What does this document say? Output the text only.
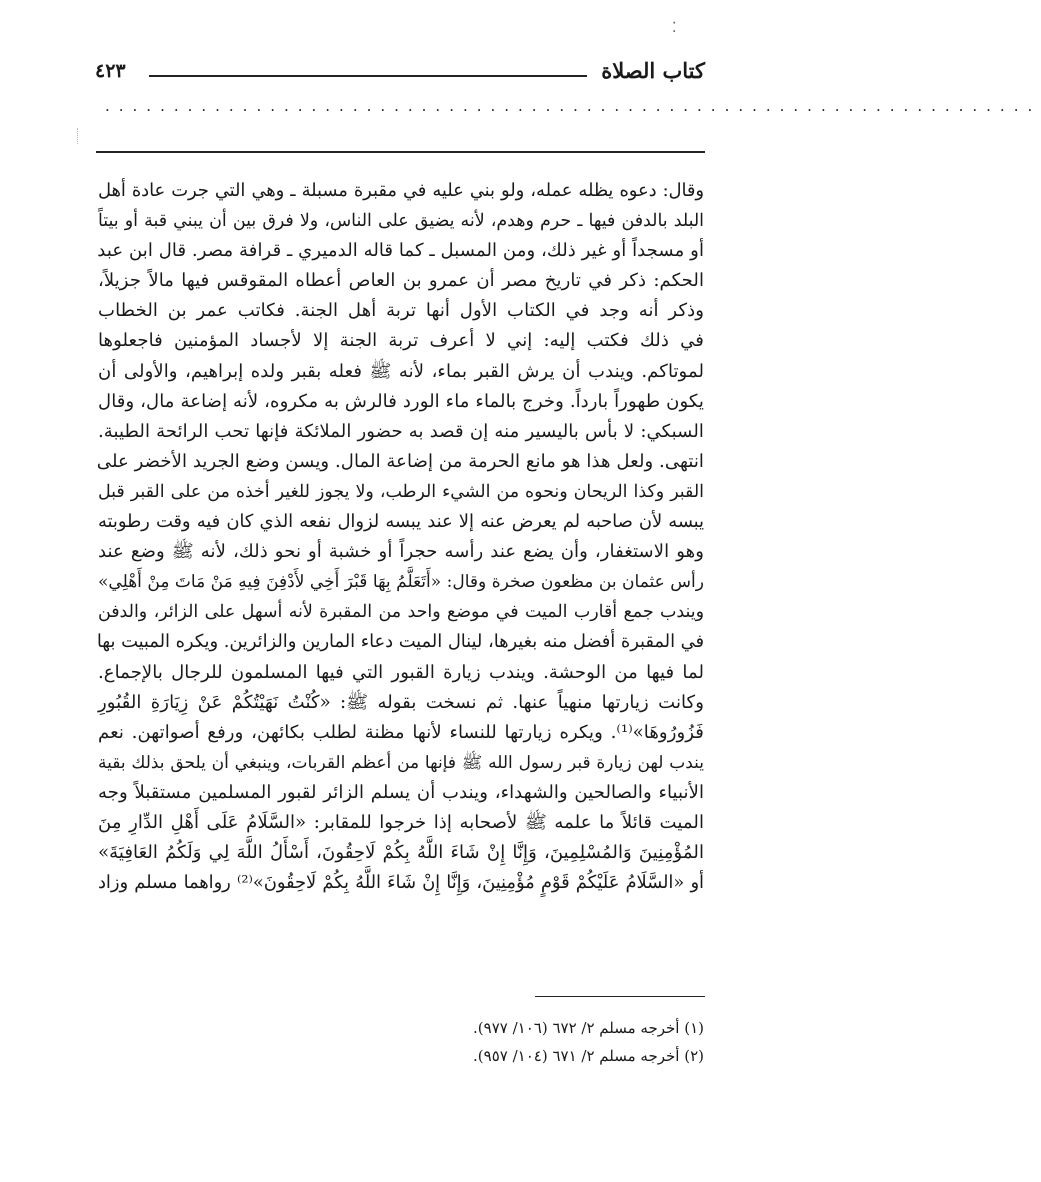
⁚
كتاب الصلاة
٤٢٣
....................................................................
وقال: دعوه يظله عمله، ولو بني عليه في مقبرة مسبلة ـ وهي التي جرت عادة أهل
البلد بالدفن فيها ـ حرم وهدم، لأنه يضيق على الناس، ولا فرق بين أن يبني قبة أو بيتاً
أو مسجداً أو غير ذلك، ومن المسبل ـ كما قاله الدميري ـ قرافة مصر. قال ابن عبد
الحكم: ذكر في تاريخ مصر أن عمرو بن العاص أعطاه المقوقس فيها مالاً جزيلاً،
وذكر أنه وجد في الكتاب الأول أنها تربة أهل الجنة. فكاتب عمر بن الخطاب
في ذلك فكتب إليه: إني لا أعرف تربة الجنة إلا لأجساد المؤمنين فاجعلوها
لموتاكم. ويندب أن يرش القبر بماء، لأنه ﷺ فعله بقبر ولده إبراهيم، والأولى أن
يكون طهوراً بارداً. وخرج بالماء ماء الورد فالرش به مكروه، لأنه إضاعة مال، وقال
السبكي: لا بأس باليسير منه إن قصد به حضور الملائكة فإنها تحب الرائحة الطيبة.
انتهى. ولعل هذا هو مانع الحرمة من إضاعة المال. ويسن وضع الجريد الأخضر على
القبر وكذا الريحان ونحوه من الشيء الرطب، ولا يجوز للغير أخذه من على القبر قبل
يبسه لأن صاحبه لم يعرض عنه إلا عند يبسه لزوال نفعه الذي كان فيه وقت رطوبته
وهو الاستغفار، وأن يضع عند رأسه حجراً أو خشبة أو نحو ذلك، لأنه ﷺ وضع عند
رأس عثمان بن مظعون صخرة وقال: «أَتَعَلَّمُ بِهَا قَبْرَ أَخِي لأَدْفِنَ فِيهِ مَنْ مَاتَ مِنْ أَهْلِي»
ويندب جمع أقارب الميت في موضع واحد من المقبرة لأنه أسهل على الزائر، والدفن
في المقبرة أفضل منه بغيرها، لينال الميت دعاء المارين والزائرين. ويكره المبيت بها
لما فيها من الوحشة. ويندب زيارة القبور التي فيها المسلمون للرجال بالإجماع.
وكانت زيارتها منهياً عنها. ثم نسخت بقوله ﷺ: «كُنْتُ نَهَيْتُكُمْ عَنْ زِيَارَةِ القُبُورِ
فَزُورُوهَا»⁽¹⁾. ويكره زيارتها للنساء لأنها مظنة لطلب بكائهن، ورفع أصواتهن. نعم
يندب لهن زيارة قبر رسول الله ﷺ فإنها من أعظم القربات، وينبغي أن يلحق بذلك بقية
الأنبياء والصالحين والشهداء، ويندب أن يسلم الزائر لقبور المسلمين مستقبلاً وجه
الميت قائلاً ما علمه ﷺ لأصحابه إذا خرجوا للمقابر: «السَّلَامُ عَلَى أَهْلِ الدِّارِ مِنَ
المُؤْمِنِينَ وَالمُسْلِمِينَ، وَإِنَّا إِنْ شَاءَ اللَّهُ بِكُمْ لَاحِقُونَ، أَسْأَلُ اللَّهَ لِي وَلَكُمُ العَافِيَةَ»
أو «السَّلَامُ عَلَيْكُمْ قَوْمٍ مُؤْمِنِينَ، وَإِنَّا إِنْ شَاءَ اللَّهُ بِكُمْ لَاحِقُونَ»⁽²⁾ رواهما مسلم وزاد
(١) أخرجه مسلم ٢/ ٦٧٢ (١٠٦/ ٩٧٧).
(٢) أخرجه مسلم ٢/ ٦٧١ (١٠٤/ ٩٥٧).
